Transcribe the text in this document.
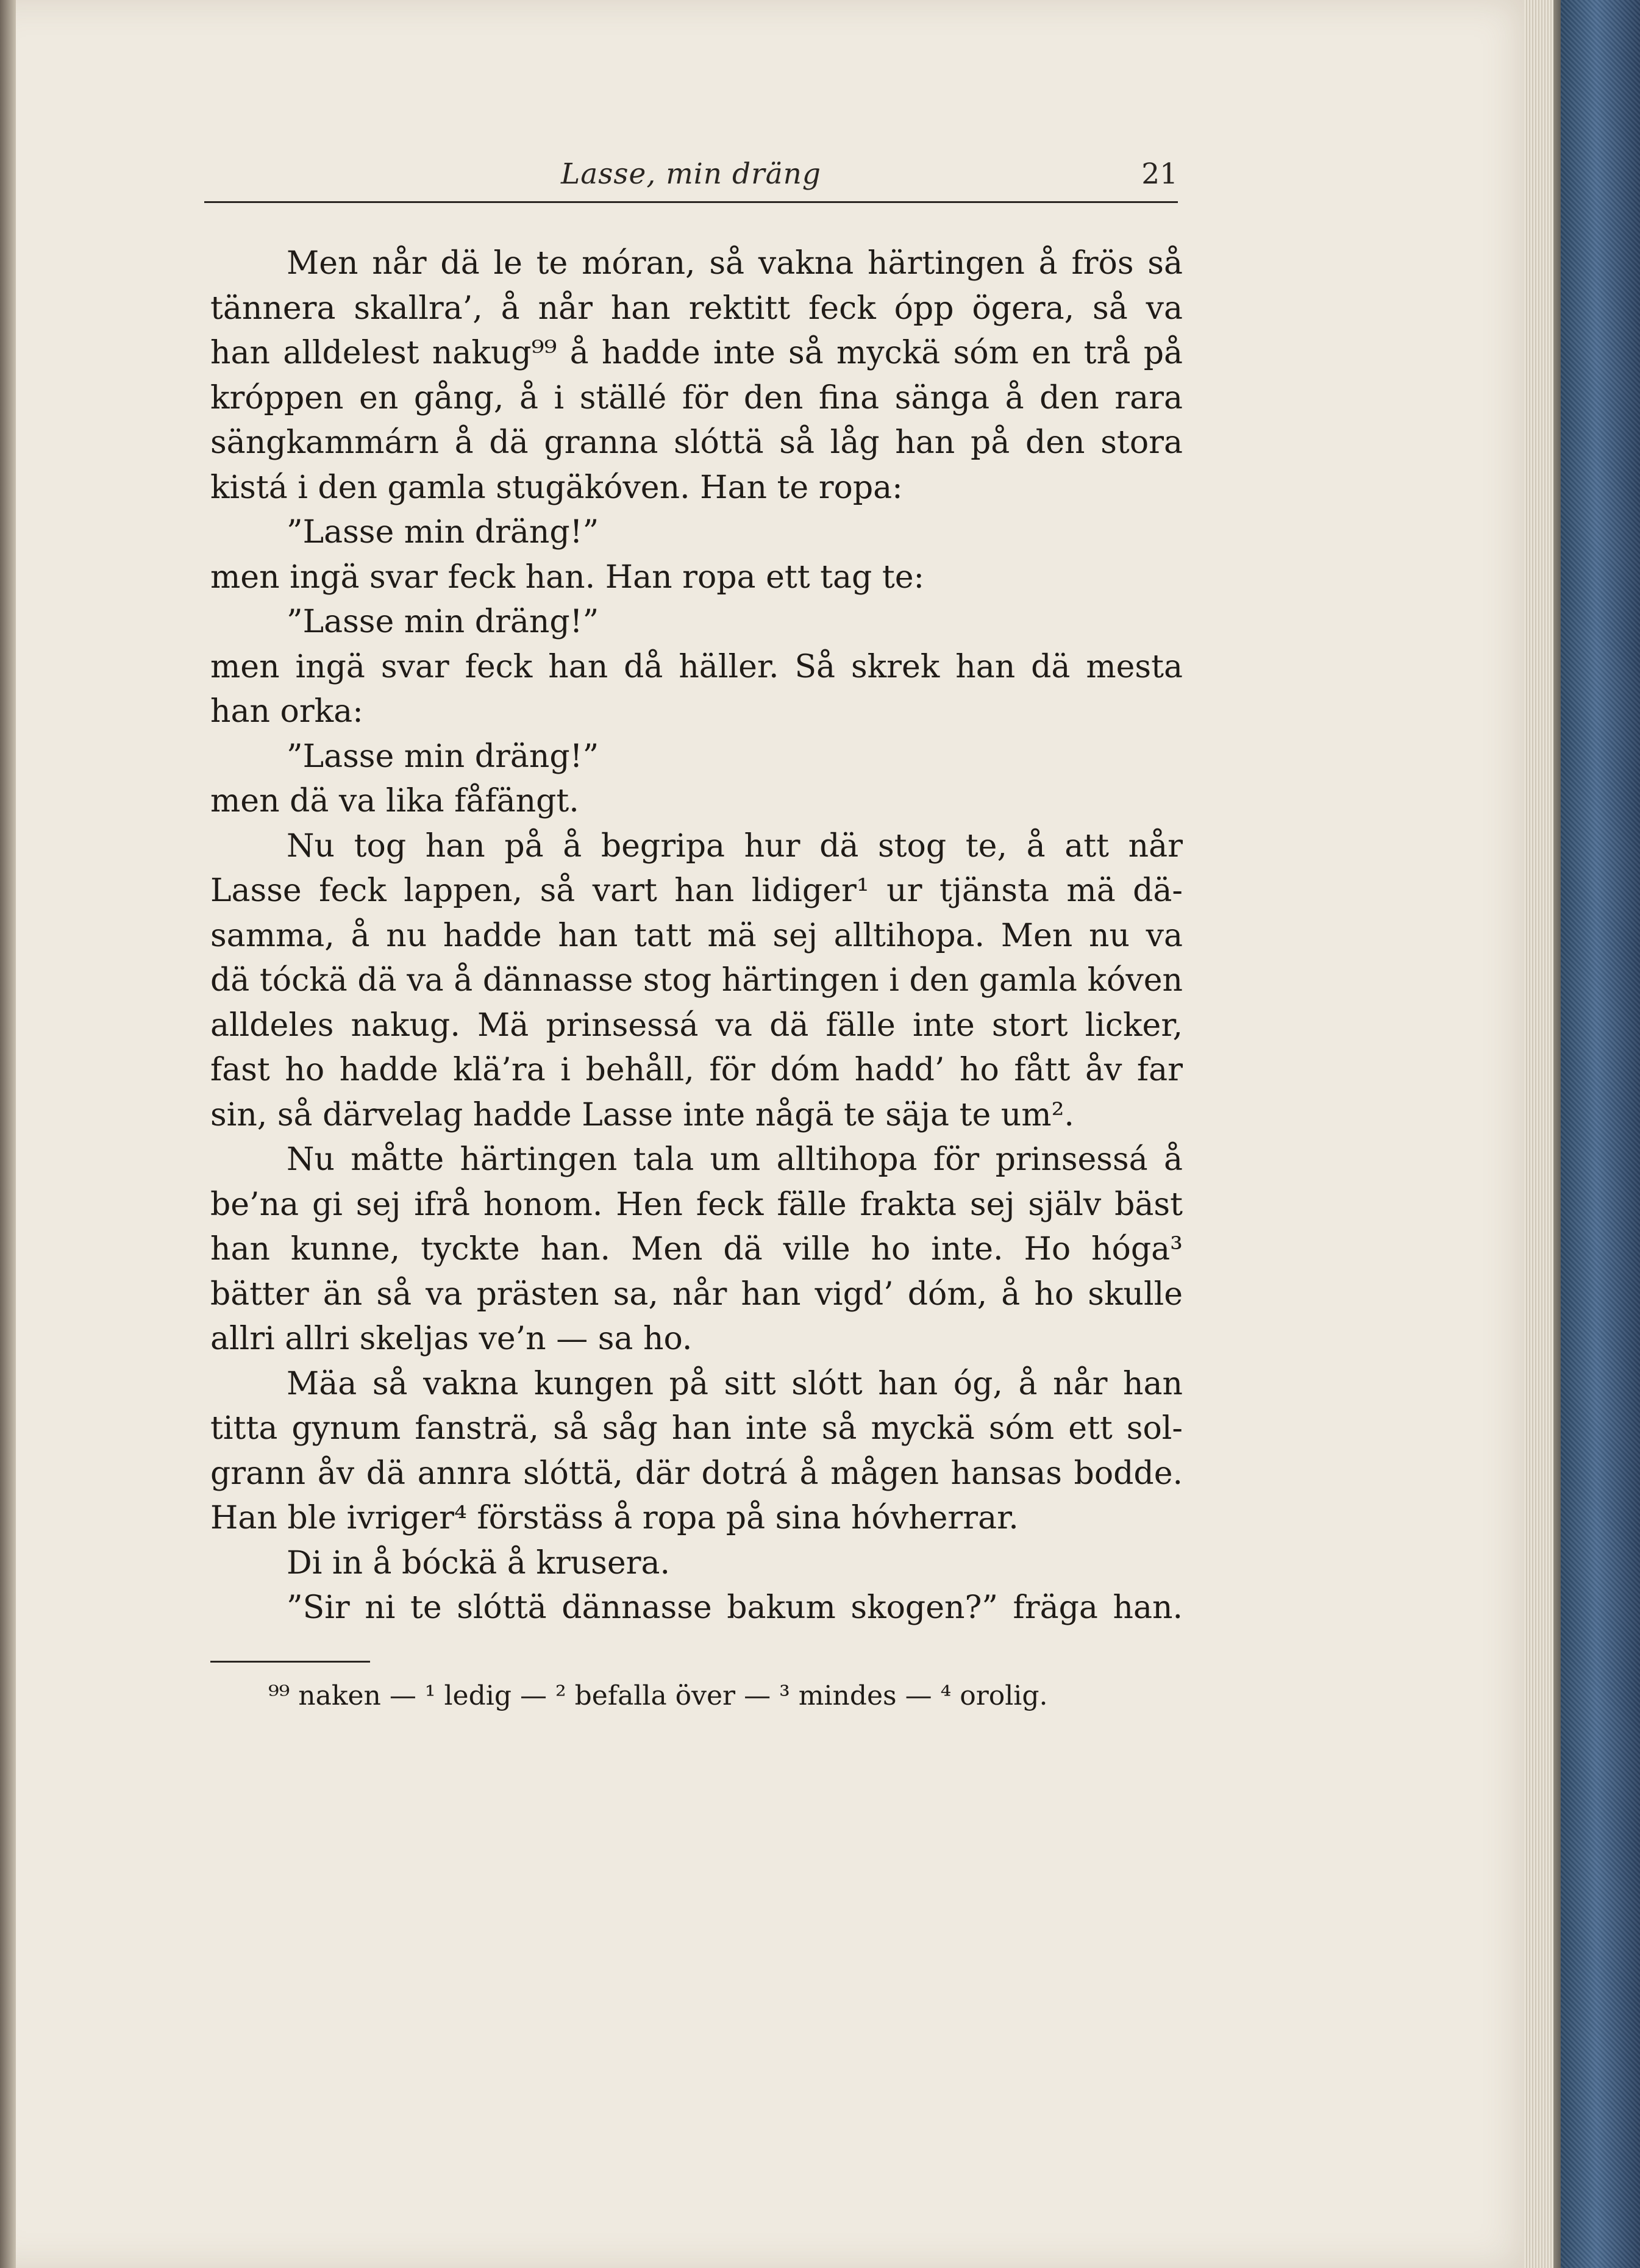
Lasse, min dräng	21
Men når dä le te móran, så vakna härtingen å frös så
tännera skallra’, å når han rektitt feck ópp ögera, så va
han alldelest nakug⁹⁹ å hadde inte så myckä sóm en trå på
króppen en gång, å i ställé för den fina sänga å den rara
sängkammárn å dä granna slóttä så låg han på den stora
kistá i den gamla stugäkóven. Han te ropa:
”Lasse min dräng!”
men ingä svar feck han. Han ropa ett tag te:
”Lasse min dräng!”
men ingä svar feck han då häller. Så skrek han dä mesta
han orka:
”Lasse min dräng!”
men dä va lika fåfängt.
Nu tog han på å begripa hur dä stog te, å att når
Lasse feck lappen, så vart han lidiger¹ ur tjänsta mä dä-
samma, å nu hadde han tatt mä sej alltihopa. Men nu va
dä tóckä dä va å dännasse stog härtingen i den gamla kóven
alldeles nakug. Mä prinsessá va dä fälle inte stort licker,
fast ho hadde klä’ra i behåll, för dóm hadd’ ho fått åv far
sin, så därvelag hadde Lasse inte någä te säja te um².
Nu måtte härtingen tala um alltihopa för prinsessá å
be’na gi sej ifrå honom. Hen feck fälle frakta sej själv bäst
han kunne, tyckte han. Men dä ville ho inte. Ho hóga³
bätter än så va prästen sa, når han vigd’ dóm, å ho skulle
allri allri skeljas ve’n — sa ho.
Mäa så vakna kungen på sitt slótt han óg, å når han
titta gynum fansträ, så såg han inte så myckä sóm ett sol-
grann åv dä annra slóttä, där dotrá å mågen hansas bodde.
Han ble ivriger⁴ förstäss å ropa på sina hóvherrar.
Di in å bóckä å krusera.
”Sir ni te slóttä dännasse bakum skogen?” fräga han.
⁹⁹ naken — ¹ ledig — ² befalla över — ³ mindes — ⁴ orolig.
